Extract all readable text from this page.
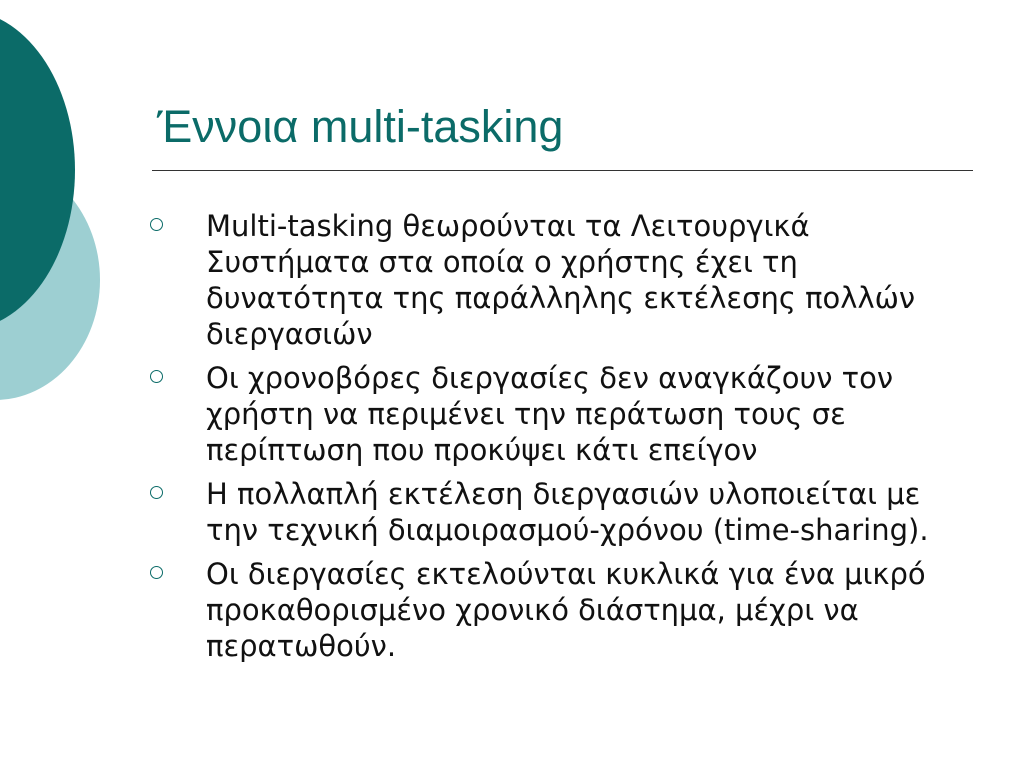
Έννοια multi-tasking
Multi-tasking θεωρούνται τα Λειτουργικά Συστήματα στα οποία ο χρήστης έχει τη δυνατότητα της παράλληλης εκτέλεσης πολλών διεργασιών
Οι χρονοβόρες διεργασίες δεν αναγκάζουν τον χρήστη να περιμένει την περάτωση τους σε περίπτωση που προκύψει κάτι επείγον
Η πολλαπλή εκτέλεση διεργασιών υλοποιείται με την τεχνική διαμοιρασμού-χρόνου (time-sharing).
Οι διεργασίες εκτελούνται κυκλικά για ένα μικρό προκαθορισμένο χρονικό διάστημα, μέχρι να περατωθούν.
